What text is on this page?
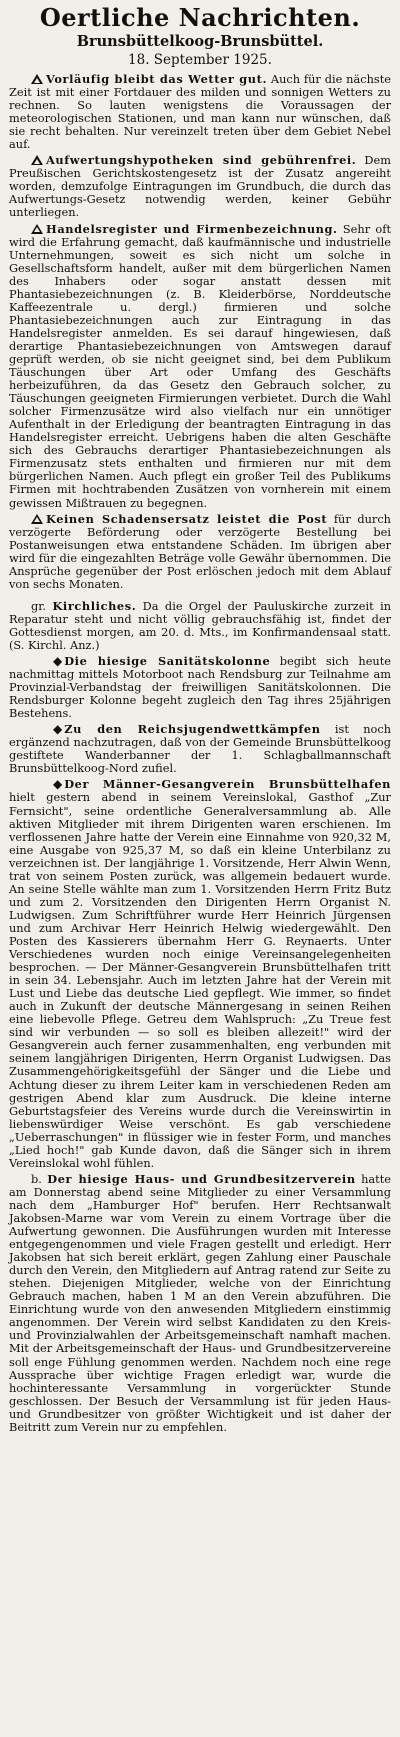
Oertliche Nachrichten.
Brunsbüttelkoog-Brunsbüttel.
18. September 1925.

Vorläufig bleibt das Wetter gut. Auch für die nächste Zeit ist mit einer Fortdauer des milden und sonnigen Wetters zu rechnen. So lauten wenigstens die Voraussagen der meteorologischen Stationen, und man kann nur wünschen, daß sie recht behalten. Nur vereinzelt treten über dem Gebiet Nebel auf.

Aufwertungshypotheken sind gebührenfrei. Dem Preußischen Gerichtskostengesetz ist der Zusatz angereiht worden, demzufolge Eintragungen im Grundbuch, die durch das Aufwertungs-Gesetz notwendig werden, keiner Gebühr unterliegen.

Handelsregister und Firmenbezeichnung. Sehr oft wird die Erfahrung gemacht, daß kaufmännische und industrielle Unternehmungen, soweit es sich nicht um solche in Gesellschaftsform handelt, außer mit dem bürgerlichen Namen des Inhabers oder sogar anstatt dessen mit Phantasiebezeichnungen (z. B. Kleiderbörse, Norddeutsche Kaffeezentrale u. dergl.) firmieren und solche Phantasiebezeichnungen auch zur Eintragung in das Handelsregister anmelden. Es sei darauf hingewiesen, daß derartige Phantasiebezeichnungen von Amtswegen darauf geprüft werden, ob sie nicht geeignet sind, bei dem Publikum Täuschungen über Art oder Umfang des Geschäfts herbeizuführen, da das Gesetz den Gebrauch solcher, zu Täuschungen geeigneten Firmierungen verbietet. Durch die Wahl solcher Firmenzusätze wird also vielfach nur ein unnötiger Aufenthalt in der Erledigung der beantragten Eintragung in das Handelsregister erreicht. Uebrigens haben die alten Geschäfte sich des Gebrauchs derartiger Phantasiebezeichnungen als Firmenzusatz stets enthalten und firmieren nur mit dem bürgerlichen Namen. Auch pflegt ein großer Teil des Publikums Firmen mit hochtrabenden Zusätzen von vornherein mit einem gewissen Mißtrauen zu begegnen.

Keinen Schadensersatz leistet die Post für durch verzögerte Beförderung oder verzögerte Bestellung bei Postanweisungen etwa entstandene Schäden. Im übrigen aber wird für die eingezahlten Beträge volle Gewähr übernommen. Die Ansprüche gegenüber der Post erlöschen jedoch mit dem Ablauf von sechs Monaten.

gr. Kirchliches. Da die Orgel der Pauluskirche zurzeit in Reparatur steht und nicht völlig gebrauchsfähig ist, findet der Gottesdienst morgen, am 20. d. Mts., im Konfirmandensaal statt. (S. Kirchl. Anz.)

◆ Die hiesige Sanitätskolonne begibt sich heute nachmittag mittels Motorboot nach Rendsburg zur Teilnahme am Provinzial-Verbandstag der freiwilligen Sanitätskolonnen. Die Rendsburger Kolonne begeht zugleich den Tag ihres 25jährigen Bestehens.

◆ Zu den Reichsjugendwettkämpfen ist noch ergänzend nachzutragen, daß von der Gemeinde Brunsbüttelkoog gestiftete Wanderbanner der 1. Schlagballmannschaft Brunsbüttelkoog-Nord zufiel.

◆ Der Männer-Gesangverein Brunsbüttelhafen hielt gestern abend in seinem Vereinslokal, Gasthof „Zur Fernsicht", seine ordentliche Generalversammlung ab. Alle aktiven Mitglieder mit ihrem Dirigenten waren erschienen. Im verflossenen Jahre hatte der Verein eine Einnahme von 920,32 M, eine Ausgabe von 925,37 M, so daß ein kleine Unterbilanz zu verzeichnen ist. Der langjährige 1. Vorsitzende, Herr Alwin Wenn, trat von seinem Posten zurück, was allgemein bedauert wurde. An seine Stelle wählte man zum 1. Vorsitzenden Herrn Fritz Butz und zum 2. Vorsitzenden den Dirigenten Herrn Organist N. Ludwigsen. Zum Schriftführer wurde Herr Heinrich Jürgensen und zum Archivar Herr Heinrich Helwig wiedergewählt. Den Posten des Kassierers übernahm Herr G. Reynaerts. Unter Verschiedenes wurden noch einige Vereinsangelegenheiten besprochen. — Der Männer-Gesangverein Brunsbüttelhafen tritt in sein 34. Lebensjahr. Auch im letzten Jahre hat der Verein mit Lust und Liebe das deutsche Lied gepflegt. Wie immer, so findet auch in Zukunft der deutsche Männergesang in seinen Reihen eine liebevolle Pflege. Getreu dem Wahlspruch: „Zu Treue fest sind wir verbunden — so soll es bleiben allezeit!" wird der Gesangverein auch ferner zusammenhalten, eng verbunden mit seinem langjährigen Dirigenten, Herrn Organist Ludwigsen. Das Zusammengehörigkeitsgefühl der Sänger und die Liebe und Achtung dieser zu ihrem Leiter kam in verschiedenen Reden am gestrigen Abend klar zum Ausdruck. Die kleine interne Geburtstagsfeier des Vereins wurde durch die Vereinswirtin in liebenswürdiger Weise verschönt. Es gab verschiedene „Ueberraschungen" in flüssiger wie in fester Form, und manches „Lied hoch!" gab Kunde davon, daß die Sänger sich in ihrem Vereinslokal wohl fühlen.

b. Der hiesige Haus- und Grundbesitzerverein hatte am Donnerstag abend seine Mitglieder zu einer Versammlung nach dem „Hamburger Hof" berufen. Herr Rechtsanwalt Jakobsen-Marne war vom Verein zu einem Vortrage über die Aufwertung gewonnen. Die Ausführungen wurden mit Interesse entgegengenommen und viele Fragen gestellt und erledigt. Herr Jakobsen hat sich bereit erklärt, gegen Zahlung einer Pauschale durch den Verein, den Mitgliedern auf Antrag ratend zur Seite zu stehen. Diejenigen Mitglieder, welche von der Einrichtung Gebrauch machen, haben 1 M an den Verein abzuführen. Die Einrichtung wurde von den anwesenden Mitgliedern einstimmig angenommen. Der Verein wird selbst Kandidaten zu den Kreis- und Provinzialwahlen der Arbeitsgemeinschaft namhaft machen. Mit der Arbeitsgemeinschaft der Haus- und Grundbesitzervereine soll enge Fühlung genommen werden. Nachdem noch eine rege Aussprache über wichtige Fragen erledigt war, wurde die hochinteressante Versammlung in vorgerückter Stunde geschlossen. Der Besuch der Versammlung ist für jeden Haus- und Grundbesitzer von größter Wichtigkeit und ist daher der Beitritt zum Verein nur zu empfehlen.
